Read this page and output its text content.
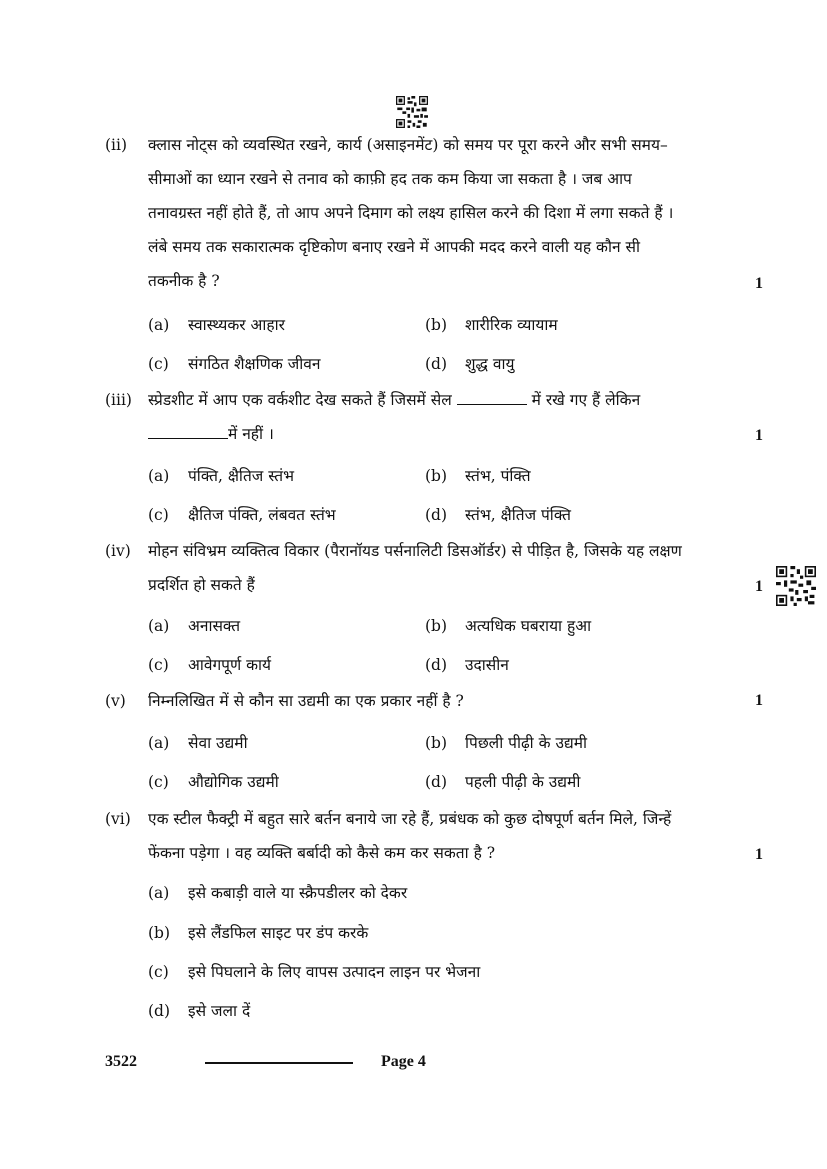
(ii)	क्लास नोट्स को व्यवस्थित रखने, कार्य (असाइनमेंट) को समय पर पूरा करने और सभी समय–
सीमाओं का ध्यान रखने से तनाव को काफ़ी हद तक कम किया जा सकता है । जब आप
तनावग्रस्त नहीं होते हैं, तो आप अपने दिमाग को लक्ष्य हासिल करने की दिशा में लगा सकते हैं ।
लंबे समय तक सकारात्मक दृष्टिकोण बनाए रखने में आपकी मदद करने वाली यह कौन सी
तकनीक है ?	1
(a) स्वास्थ्यकर आहार	(b) शारीरिक व्यायाम
(c) संगठित शैक्षणिक जीवन	(d) शुद्ध वायु
(iii)	स्प्रेडशीट में आप एक वर्कशीट देख सकते हैं जिसमें सेल	में रखे गए हैं लेकिन
में नहीं ।	1
(a) पंक्ति, क्षैतिज स्तंभ	(b) स्तंभ, पंक्ति
(c) क्षैतिज पंक्ति, लंबवत स्तंभ	(d) स्तंभ, क्षैतिज पंक्ति
(iv)	मोहन संविभ्रम व्यक्तित्व विकार (पैरानॉयड पर्सनालिटी डिसऑर्डर) से पीड़ित है, जिसके यह लक्षण
प्रदर्शित हो सकते हैं	1
(a) अनासक्त	(b) अत्यधिक घबराया हुआ
(c) आवेगपूर्ण कार्य	(d) उदासीन
(v)	निम्नलिखित में से कौन सा उद्यमी का एक प्रकार नहीं है ?	1
(a) सेवा उद्यमी	(b) पिछली पीढ़ी के उद्यमी
(c) औद्योगिक उद्यमी	(d) पहली पीढ़ी के उद्यमी
(vi)	एक स्टील फैक्ट्री में बहुत सारे बर्तन बनाये जा रहे हैं, प्रबंधक को कुछ दोषपूर्ण बर्तन मिले, जिन्हें
फेंकना पड़ेगा । वह व्यक्ति बर्बादी को कैसे कम कर सकता है ?	1
(a) इसे कबाड़ी वाले या स्क्रैपडीलर को देकर
(b) इसे लैंडफिल साइट पर डंप करके
(c) इसे पिघलाने के लिए वापस उत्पादन लाइन पर भेजना
(d) इसे जला दें
3522	Page 4
